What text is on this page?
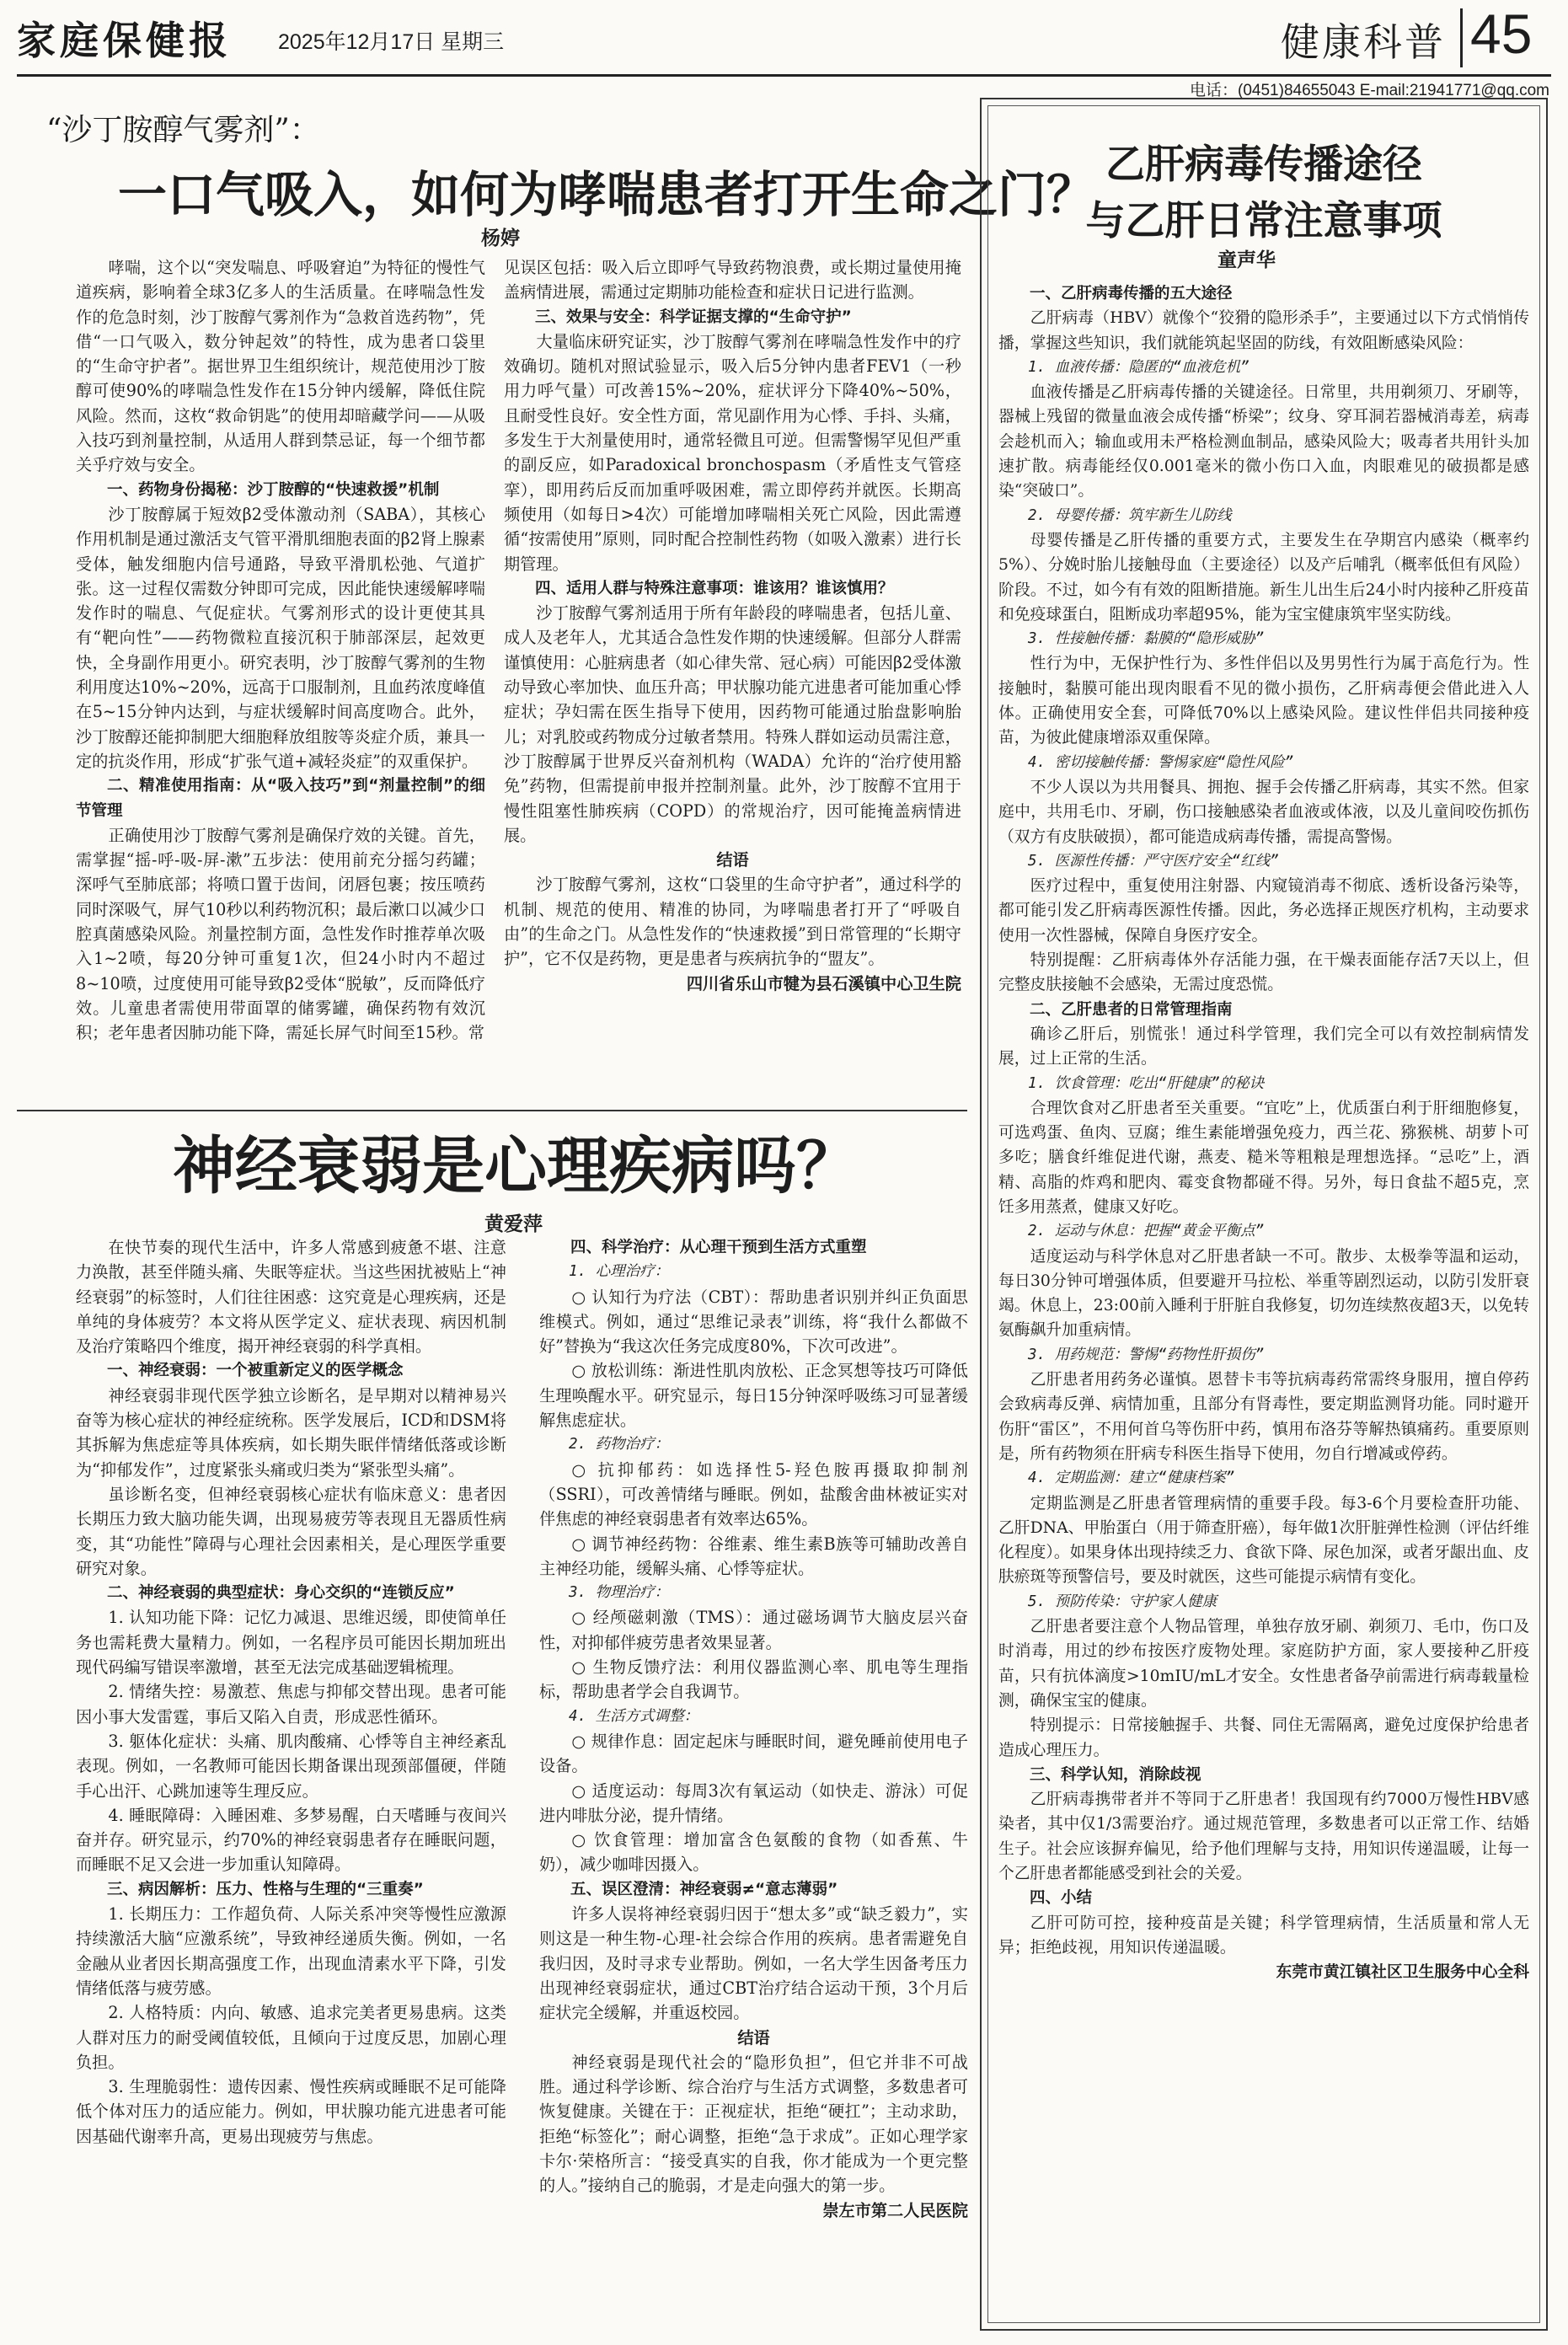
家庭保健报 2025年12月17日 星期三	健康科普 45
电话：(0451)84655043 E-mail:21941771@qq.com
“沙丁胺醇气雾剂”：
一口气吸入，如何为哮喘患者打开生命之门？
杨婷

哮喘，这个以“突发喘息、呼吸窘迫”为特征的慢性气道疾病，影响着全球3亿多人的生活质量。在哮喘急性发作的危急时刻，沙丁胺醇气雾剂作为“急救首选药物”，凭借“一口气吸入，数分钟起效”的特性，成为患者口袋里的“生命守护者”。据世界卫生组织统计，规范使用沙丁胺醇可使90%的哮喘急性发作在15分钟内缓解，降低住院风险。然而，这枚“救命钥匙”的使用却暗藏学问——从吸入技巧到剂量控制，从适用人群到禁忌证，每一个细节都关乎疗效与安全。

一、药物身份揭秘：沙丁胺醇的“快速救援”机制

沙丁胺醇属于短效β2受体激动剂（SABA），其核心作用机制是通过激活支气管平滑肌细胞表面的β2肾上腺素受体，触发细胞内信号通路，导致平滑肌松弛、气道扩张。这一过程仅需数分钟即可完成，因此能快速缓解哮喘发作时的喘息、气促症状。气雾剂形式的设计更使其具有“靶向性”——药物微粒直接沉积于肺部深层，起效更快，全身副作用更小。研究表明，沙丁胺醇气雾剂的生物利用度达10%~20%，远高于口服制剂，且血药浓度峰值在5~15分钟内达到，与症状缓解时间高度吻合。此外，沙丁胺醇还能抑制肥大细胞释放组胺等炎症介质，兼具一定的抗炎作用，形成“扩张气道+减轻炎症”的双重保护。

二、精准使用指南：从“吸入技巧”到“剂量控制”的细节管理

正确使用沙丁胺醇气雾剂是确保疗效的关键。首先，需掌握“摇-呼-吸-屏-漱”五步法：使用前充分摇匀药罐；深呼气至肺底部；将喷口置于齿间，闭唇包裹；按压喷药同时深吸气，屏气10秒以利药物沉积；最后漱口以减少口腔真菌感染风险。剂量控制方面，急性发作时推荐单次吸入1~2喷，每20分钟可重复1次，但24小时内不超过8~10喷，过度使用可能导致β2受体“脱敏”，反而降低疗效。儿童患者需使用带面罩的储雾罐，确保药物有效沉积；老年患者因肺功能下降，需延长屏气时间至15秒。常

见误区包括：吸入后立即呼气导致药物浪费，或长期过量使用掩盖病情进展，需通过定期肺功能检查和症状日记进行监测。

三、效果与安全：科学证据支撑的“生命守护”

大量临床研究证实，沙丁胺醇气雾剂在哮喘急性发作中的疗效确切。随机对照试验显示，吸入后5分钟内患者FEV1（一秒用力呼气量）可改善15%~20%，症状评分下降40%~50%，且耐受性良好。安全性方面，常见副作用为心悸、手抖、头痛，多发生于大剂量使用时，通常轻微且可逆。但需警惕罕见但严重的副反应，如Paradoxical bronchospasm（矛盾性支气管痉挛），即用药后反而加重呼吸困难，需立即停药并就医。长期高频使用（如每日>4次）可能增加哮喘相关死亡风险，因此需遵循“按需使用”原则，同时配合控制性药物（如吸入激素）进行长期管理。

四、适用人群与特殊注意事项：谁该用？谁该慎用？

沙丁胺醇气雾剂适用于所有年龄段的哮喘患者，包括儿童、成人及老年人，尤其适合急性发作期的快速缓解。但部分人群需谨慎使用：心脏病患者（如心律失常、冠心病）可能因β2受体激动导致心率加快、血压升高；甲状腺功能亢进患者可能加重心悸症状；孕妇需在医生指导下使用，因药物可能通过胎盘影响胎儿；对乳胶或药物成分过敏者禁用。特殊人群如运动员需注意，沙丁胺醇属于世界反兴奋剂机构（WADA）允许的“治疗使用豁免”药物，但需提前申报并控制剂量。此外，沙丁胺醇不宜用于慢性阻塞性肺疾病（COPD）的常规治疗，因可能掩盖病情进展。

结语

沙丁胺醇气雾剂，这枚“口袋里的生命守护者”，通过科学的机制、规范的使用、精准的协同，为哮喘患者打开了“呼吸自由”的生命之门。从急性发作的“快速救援”到日常管理的“长期守护”，它不仅是药物，更是患者与疾病抗争的“盟友”。

四川省乐山市犍为县石溪镇中心卫生院

神经衰弱是心理疾病吗？
黄爱萍

在快节奏的现代生活中，许多人常感到疲惫不堪、注意力涣散，甚至伴随头痛、失眠等症状。当这些困扰被贴上“神经衰弱”的标签时，人们往往困惑：这究竟是心理疾病，还是单纯的身体疲劳？本文将从医学定义、症状表现、病因机制及治疗策略四个维度，揭开神经衰弱的科学真相。

一、神经衰弱：一个被重新定义的医学概念

神经衰弱非现代医学独立诊断名，是早期对以精神易兴奋等为核心症状的神经症统称。医学发展后，ICD和DSM将其拆解为焦虑症等具体疾病，如长期失眠伴情绪低落或诊断为“抑郁发作”，过度紧张头痛或归类为“紧张型头痛”。

虽诊断名变，但神经衰弱核心症状有临床意义：患者因长期压力致大脑功能失调，出现易疲劳等表现且无器质性病变，其“功能性”障碍与心理社会因素相关，是心理医学重要研究对象。

二、神经衰弱的典型症状：身心交织的“连锁反应”

1. 认知功能下降：记忆力减退、思维迟缓，即使简单任务也需耗费大量精力。例如，一名程序员可能因长期加班出现代码编写错误率激增，甚至无法完成基础逻辑梳理。

2. 情绪失控：易激惹、焦虑与抑郁交替出现。患者可能因小事大发雷霆，事后又陷入自责，形成恶性循环。

3. 躯体化症状：头痛、肌肉酸痛、心悸等自主神经紊乱表现。例如，一名教师可能因长期备课出现颈部僵硬，伴随手心出汗、心跳加速等生理反应。

4. 睡眠障碍：入睡困难、多梦易醒，白天嗜睡与夜间兴奋并存。研究显示，约70%的神经衰弱患者存在睡眠问题，而睡眠不足又会进一步加重认知障碍。

三、病因解析：压力、性格与生理的“三重奏”

1. 长期压力：工作超负荷、人际关系冲突等慢性应激源持续激活大脑“应激系统”，导致神经递质失衡。例如，一名金融从业者因长期高强度工作，出现血清素水平下降，引发情绪低落与疲劳感。

2. 人格特质：内向、敏感、追求完美者更易患病。这类人群对压力的耐受阈值较低，且倾向于过度反思，加剧心理负担。

3. 生理脆弱性：遗传因素、慢性疾病或睡眠不足可能降低个体对压力的适应能力。例如，甲状腺功能亢进患者可能因基础代谢率升高，更易出现疲劳与焦虑。

四、科学治疗：从心理干预到生活方式重塑

1. 心理治疗：

○ 认知行为疗法（CBT）：帮助患者识别并纠正负面思维模式。例如，通过“思维记录表”训练，将“我什么都做不好”替换为“我这次任务完成度80%，下次可改进”。

○ 放松训练：渐进性肌肉放松、正念冥想等技巧可降低生理唤醒水平。研究显示，每日15分钟深呼吸练习可显著缓解焦虑症状。

2. 药物治疗：

○ 抗抑郁药：如选择性5-羟色胺再摄取抑制剂（SSRI），可改善情绪与睡眠。例如，盐酸舍曲林被证实对伴焦虑的神经衰弱患者有效率达65%。

○ 调节神经药物：谷维素、维生素B族等可辅助改善自主神经功能，缓解头痛、心悸等症状。

3. 物理治疗：

○ 经颅磁刺激（TMS）：通过磁场调节大脑皮层兴奋性，对抑郁伴疲劳患者效果显著。

○ 生物反馈疗法：利用仪器监测心率、肌电等生理指标，帮助患者学会自我调节。

4. 生活方式调整：

○ 规律作息：固定起床与睡眠时间，避免睡前使用电子设备。

○ 适度运动：每周3次有氧运动（如快走、游泳）可促进内啡肽分泌，提升情绪。

○ 饮食管理：增加富含色氨酸的食物（如香蕉、牛奶），减少咖啡因摄入。

五、误区澄清：神经衰弱≠“意志薄弱”

许多人误将神经衰弱归因于“想太多”或“缺乏毅力”，实则这是一种生物-心理-社会综合作用的疾病。患者需避免自我归因，及时寻求专业帮助。例如，一名大学生因备考压力出现神经衰弱症状，通过CBT治疗结合运动干预，3个月后症状完全缓解，并重返校园。

结语

神经衰弱是现代社会的“隐形负担”，但它并非不可战胜。通过科学诊断、综合治疗与生活方式调整，多数患者可恢复健康。关键在于：正视症状，拒绝“硬扛”；主动求助，拒绝“标签化”；耐心调整，拒绝“急于求成”。正如心理学家卡尔·荣格所言：“接受真实的自我，你才能成为一个更完整的人。”接纳自己的脆弱，才是走向强大的第一步。

崇左市第二人民医院

乙肝病毒传播途径
与乙肝日常注意事项
童声华

一、乙肝病毒传播的五大途径

乙肝病毒（HBV）就像个“狡猾的隐形杀手”，主要通过以下方式悄悄传播，掌握这些知识，我们就能筑起坚固的防线，有效阻断感染风险：

1. 血液传播：隐匿的“血液危机”

血液传播是乙肝病毒传播的关键途径。日常里，共用剃须刀、牙刷等，器械上残留的微量血液会成传播“桥梁”；纹身、穿耳洞若器械消毒差，病毒会趁机而入；输血或用未严格检测血制品，感染风险大；吸毒者共用针头加速扩散。病毒能经仅0.001毫米的微小伤口入血，肉眼难见的破损都是感染“突破口”。

2. 母婴传播：筑牢新生儿防线

母婴传播是乙肝传播的重要方式，主要发生在孕期宫内感染（概率约5%）、分娩时胎儿接触母血（主要途径）以及产后哺乳（概率低但有风险）阶段。不过，如今有有效的阻断措施。新生儿出生后24小时内接种乙肝疫苗和免疫球蛋白，阻断成功率超95%，能为宝宝健康筑牢坚实防线。

3. 性接触传播：黏膜的“隐形威胁”

性行为中，无保护性行为、多性伴侣以及男男性行为属于高危行为。性接触时，黏膜可能出现肉眼看不见的微小损伤，乙肝病毒便会借此进入人体。正确使用安全套，可降低70%以上感染风险。建议性伴侣共同接种疫苗，为彼此健康增添双重保障。

4. 密切接触传播：警惕家庭“隐性风险”

不少人误以为共用餐具、拥抱、握手会传播乙肝病毒，其实不然。但家庭中，共用毛巾、牙刷，伤口接触感染者血液或体液，以及儿童间咬伤抓伤（双方有皮肤破损），都可能造成病毒传播，需提高警惕。

5. 医源性传播：严守医疗安全“红线”

医疗过程中，重复使用注射器、内窥镜消毒不彻底、透析设备污染等，都可能引发乙肝病毒医源性传播。因此，务必选择正规医疗机构，主动要求使用一次性器械，保障自身医疗安全。

特别提醒：乙肝病毒体外存活能力强，在干燥表面能存活7天以上，但完整皮肤接触不会感染，无需过度恐慌。

二、乙肝患者的日常管理指南

确诊乙肝后，别慌张！通过科学管理，我们完全可以有效控制病情发展，过上正常的生活。

1. 饮食管理：吃出“肝健康”的秘诀

合理饮食对乙肝患者至关重要。“宜吃”上，优质蛋白利于肝细胞修复，可选鸡蛋、鱼肉、豆腐；维生素能增强免疫力，西兰花、猕猴桃、胡萝卜可多吃；膳食纤维促进代谢，燕麦、糙米等粗粮是理想选择。“忌吃”上，酒精、高脂的炸鸡和肥肉、霉变食物都碰不得。另外，每日食盐不超5克，烹饪多用蒸煮，健康又好吃。

2. 运动与休息：把握“黄金平衡点”

适度运动与科学休息对乙肝患者缺一不可。散步、太极拳等温和运动，每日30分钟可增强体质，但要避开马拉松、举重等剧烈运动，以防引发肝衰竭。休息上，23:00前入睡利于肝脏自我修复，切勿连续熬夜超3天，以免转氨酶飙升加重病情。

3. 用药规范：警惕“药物性肝损伤”

乙肝患者用药务必谨慎。恩替卡韦等抗病毒药常需终身服用，擅自停药会致病毒反弹、病情加重，且部分有肾毒性，要定期监测肾功能。同时避开伤肝“雷区”，不用何首乌等伤肝中药，慎用布洛芬等解热镇痛药。重要原则是，所有药物须在肝病专科医生指导下使用，勿自行增减或停药。

4. 定期监测：建立“健康档案”

定期监测是乙肝患者管理病情的重要手段。每3-6个月要检查肝功能、乙肝DNA、甲胎蛋白（用于筛查肝癌），每年做1次肝脏弹性检测（评估纤维化程度）。如果身体出现持续乏力、食欲下降、尿色加深，或者牙龈出血、皮肤瘀斑等预警信号，要及时就医，这些可能提示病情有变化。

5. 预防传染：守护家人健康

乙肝患者要注意个人物品管理，单独存放牙刷、剃须刀、毛巾，伤口及时消毒，用过的纱布按医疗废物处理。家庭防护方面，家人要接种乙肝疫苗，只有抗体滴度>10mIU/mL才安全。女性患者备孕前需进行病毒载量检测，确保宝宝的健康。

特别提示：日常接触握手、共餐、同住无需隔离，避免过度保护给患者造成心理压力。

三、科学认知，消除歧视

乙肝病毒携带者并不等同于乙肝患者！我国现有约7000万慢性HBV感染者，其中仅1/3需要治疗。通过规范管理，多数患者可以正常工作、结婚生子。社会应该摒弃偏见，给予他们理解与支持，用知识传递温暖，让每一个乙肝患者都能感受到社会的关爱。

四、小结

乙肝可防可控，接种疫苗是关键；科学管理病情，生活质量和常人无异；拒绝歧视，用知识传递温暖。

东莞市黄江镇社区卫生服务中心全科
